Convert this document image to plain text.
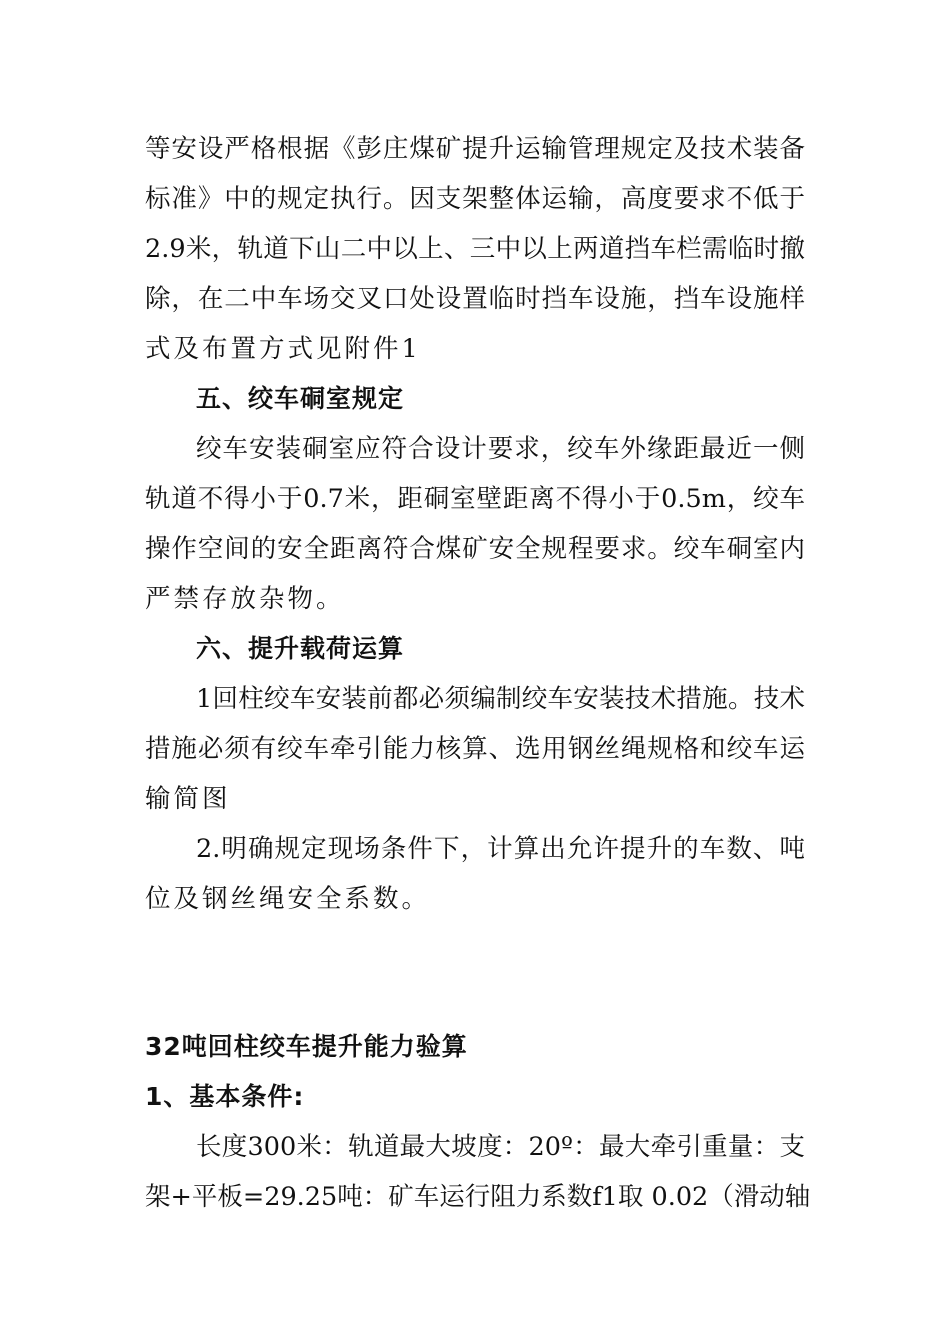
等安设严格根据《彭庄煤矿提升运输管理规定及技术装备
标准》中的规定执行。因支架整体运输，高度要求不低于
2.9米，轨道下山二中以上、三中以上两道挡车栏需临时撤
除，在二中车场交叉口处设置临时挡车设施，挡车设施样
式及布置方式见附件1
五、绞车硐室规定
绞车安装硐室应符合设计要求，绞车外缘距最近一侧
轨道不得小于0.7米，距硐室壁距离不得小于0.5m，绞车
操作空间的安全距离符合煤矿安全规程要求。绞车硐室内
严禁存放杂物。
六、提升载荷运算
1回柱绞车安装前都必须编制绞车安装技术措施。技术
措施必须有绞车牵引能力核算、选用钢丝绳规格和绞车运
输简图
2.明确规定现场条件下，计算出允许提升的车数、吨
位及钢丝绳安全系数。
32吨回柱绞车提升能力验算
1、基本条件:
长度300米：轨道最大坡度：20º：最大牵引重量：支
架+平板=29.25吨：矿车运行阻力系数f1取 0.02（滑动轴
